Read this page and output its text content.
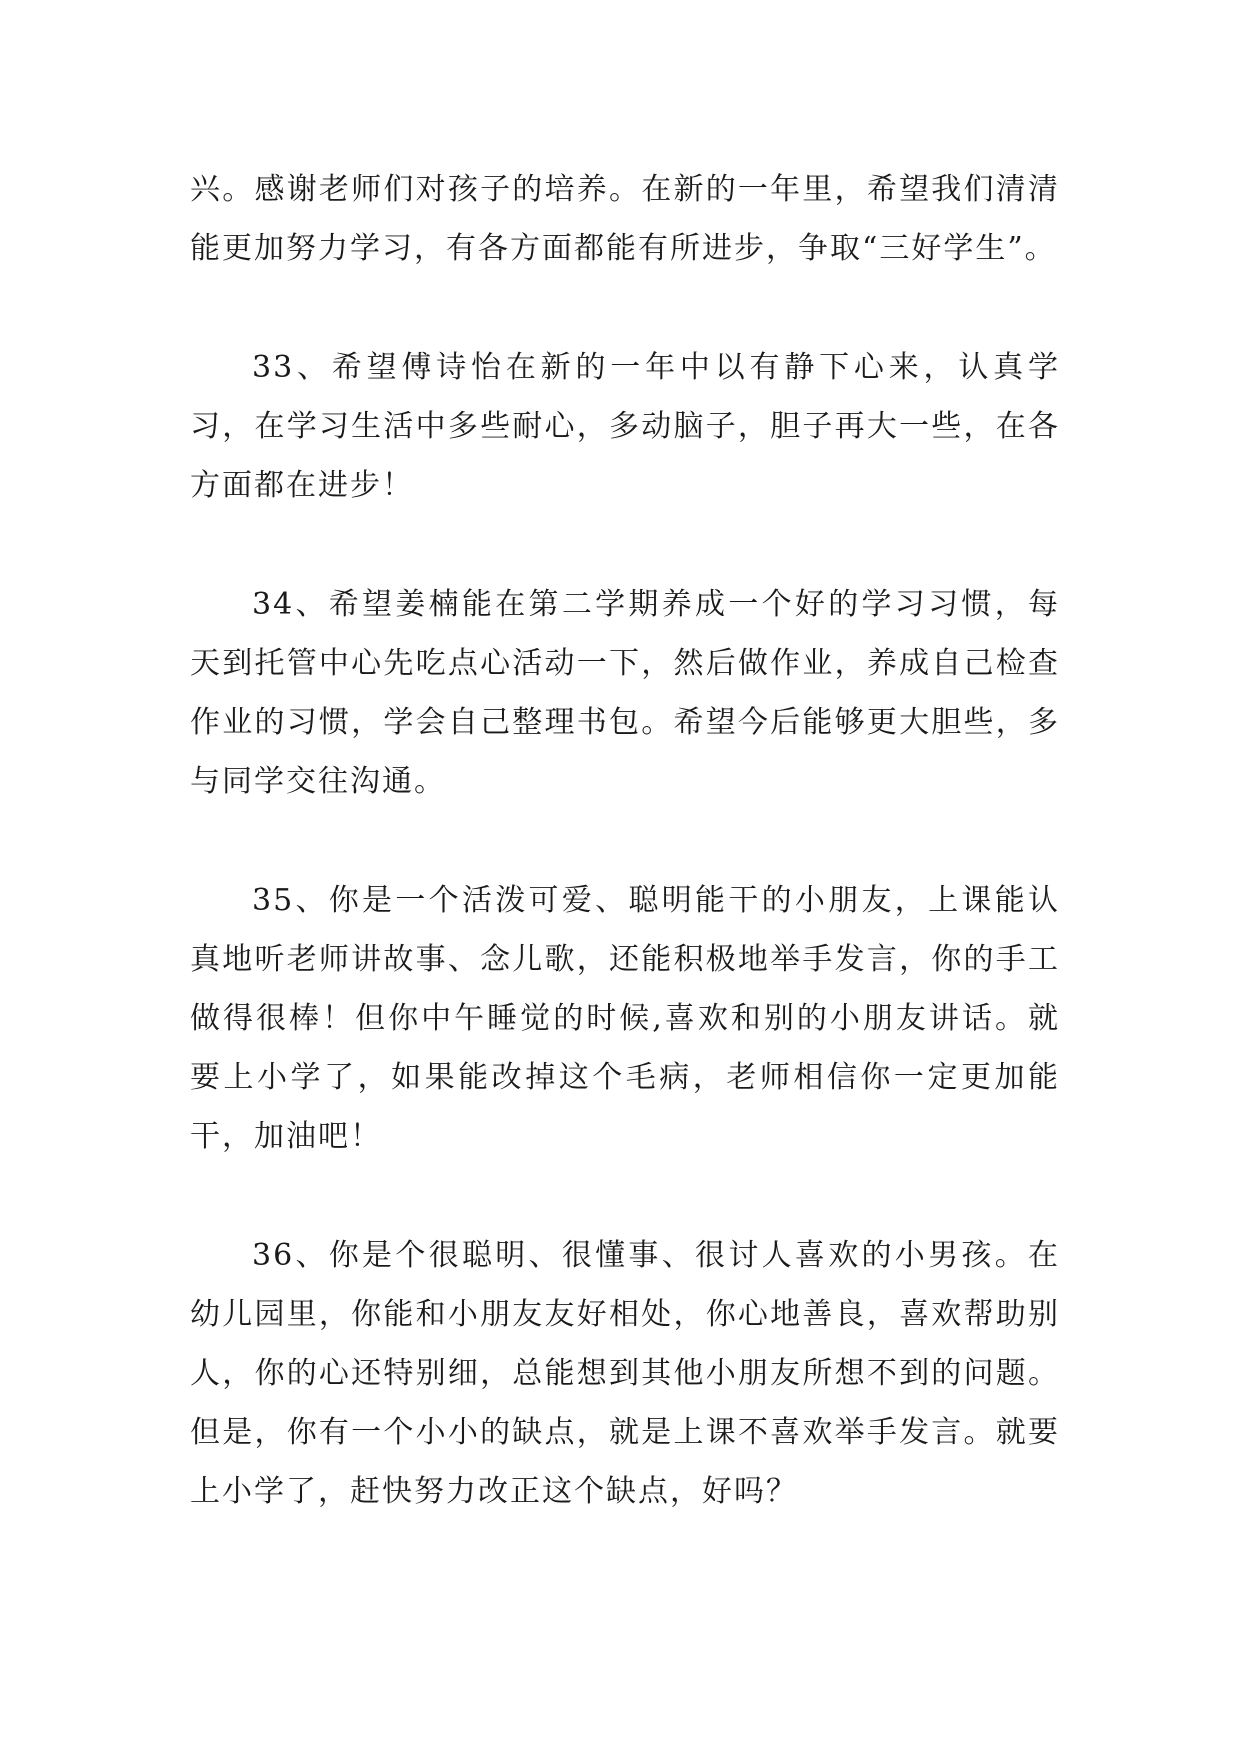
兴。感谢老师们对孩子的培养。在新的一年里，希望我们清清能更加努力学习，有各方面都能有所进步，争取“三好学生”。

33、希望傅诗怡在新的一年中以有静下心来，认真学习，在学习生活中多些耐心，多动脑子，胆子再大一些，在各方面都在进步！

34、希望姜楠能在第二学期养成一个好的学习习惯，每天到托管中心先吃点心活动一下，然后做作业，养成自己检查作业的习惯，学会自己整理书包。希望今后能够更大胆些，多与同学交往沟通。

35、你是一个活泼可爱、聪明能干的小朋友，上课能认真地听老师讲故事、念儿歌，还能积极地举手发言，你的手工做得很棒！但你中午睡觉的时候,喜欢和别的小朋友讲话。就要上小学了，如果能改掉这个毛病，老师相信你一定更加能干，加油吧！

36、你是个很聪明、很懂事、很讨人喜欢的小男孩。在幼儿园里，你能和小朋友友好相处，你心地善良，喜欢帮助别人，你的心还特别细，总能想到其他小朋友所想不到的问题。但是，你有一个小小的缺点，就是上课不喜欢举手发言。就要上小学了，赶快努力改正这个缺点，好吗？
